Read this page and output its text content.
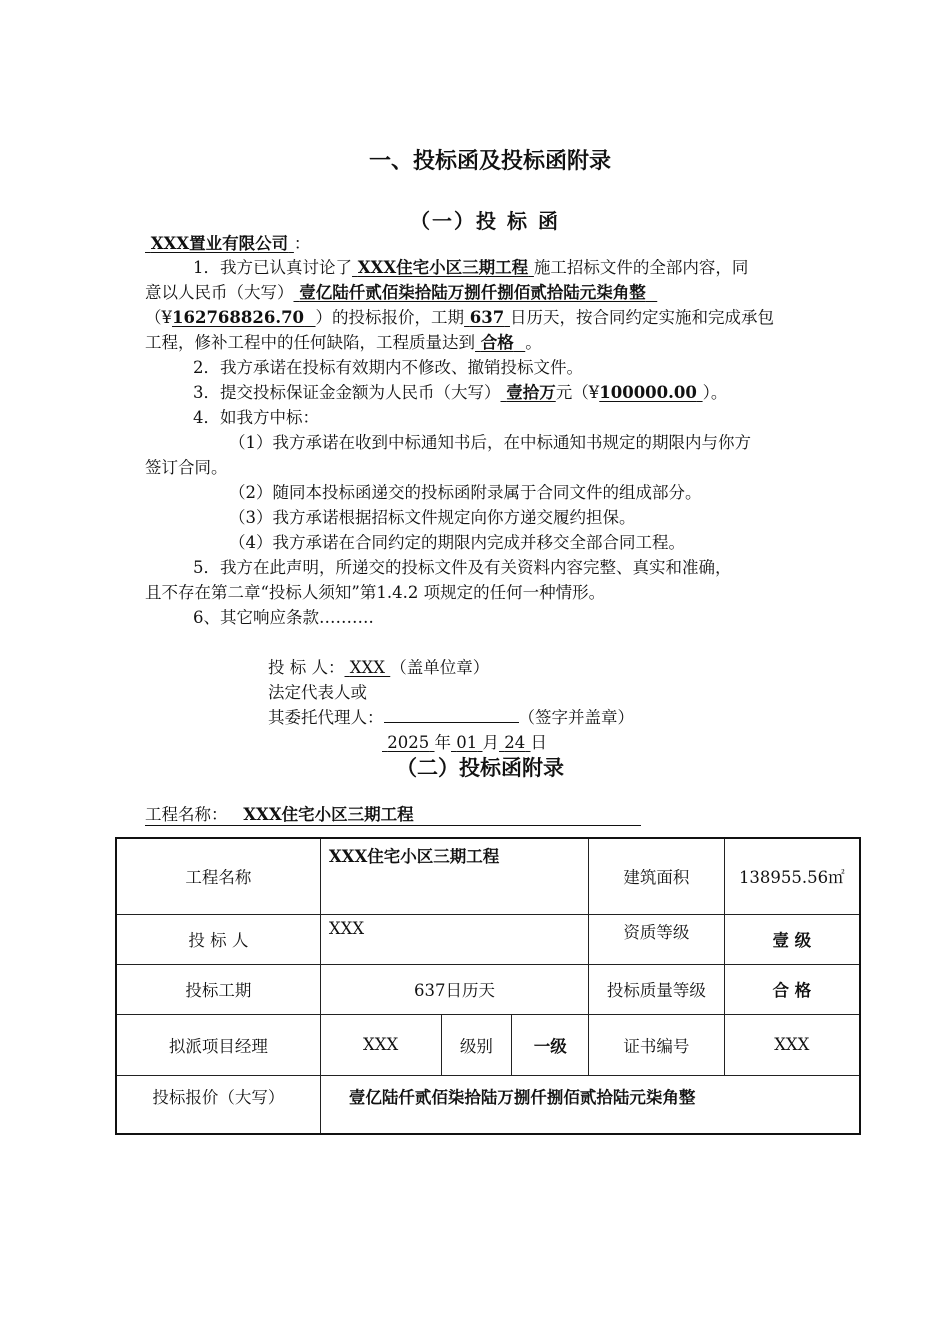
一、投标函及投标函附录
（一）投 标 函
XXX置业有限公司 ：
1．我方已认真讨论了 XXX住宅小区三期工程 施工招标文件的全部内容，同
意以人民币（大写） 壹亿陆仟贰佰柒拾陆万捌仟捌佰贰拾陆元柒角整
（¥162768826.70 ）的投标报价，工期 637 日历天，按合同约定实施和完成承包
工程，修补工程中的任何缺陷，工程质量达到 合格 。
2．我方承诺在投标有效期内不修改、撤销投标文件。
3．提交投标保证金金额为人民币（大写） 壹拾万元（¥100000.00 ）。
4．如我方中标：
（1）我方承诺在收到中标通知书后，在中标通知书规定的期限内与你方
签订合同。
（2）随同本投标函递交的投标函附录属于合同文件的组成部分。
（3）我方承诺根据招标文件规定向你方递交履约担保。
（4）我方承诺在合同约定的期限内完成并移交全部合同工程。
5．我方在此声明，所递交的投标文件及有关资料内容完整、真实和准确，
且不存在第二章“投标人须知”第1.4.2 项规定的任何一种情形。
6、其它响应条款……….
投 标 人： XXX （盖单位章）
法定代表人或
其委托代理人：	（签字并盖章）
2025 年 01 月 24 日
（二）投标函附录
工程名称： XXX住宅小区三期工程
工程名称	XXX住宅小区三期工程			建筑面积	138955.56㎡
投 标 人	XXX			资质等级	壹 级
投标工期	637日历天			投标质量等级	合 格
拟派项目经理	XXX	级别	一级	证书编号	XXX
投标报价（大写）	壹亿陆仟贰佰柒拾陆万捌仟捌佰贰拾陆元柒角整				
